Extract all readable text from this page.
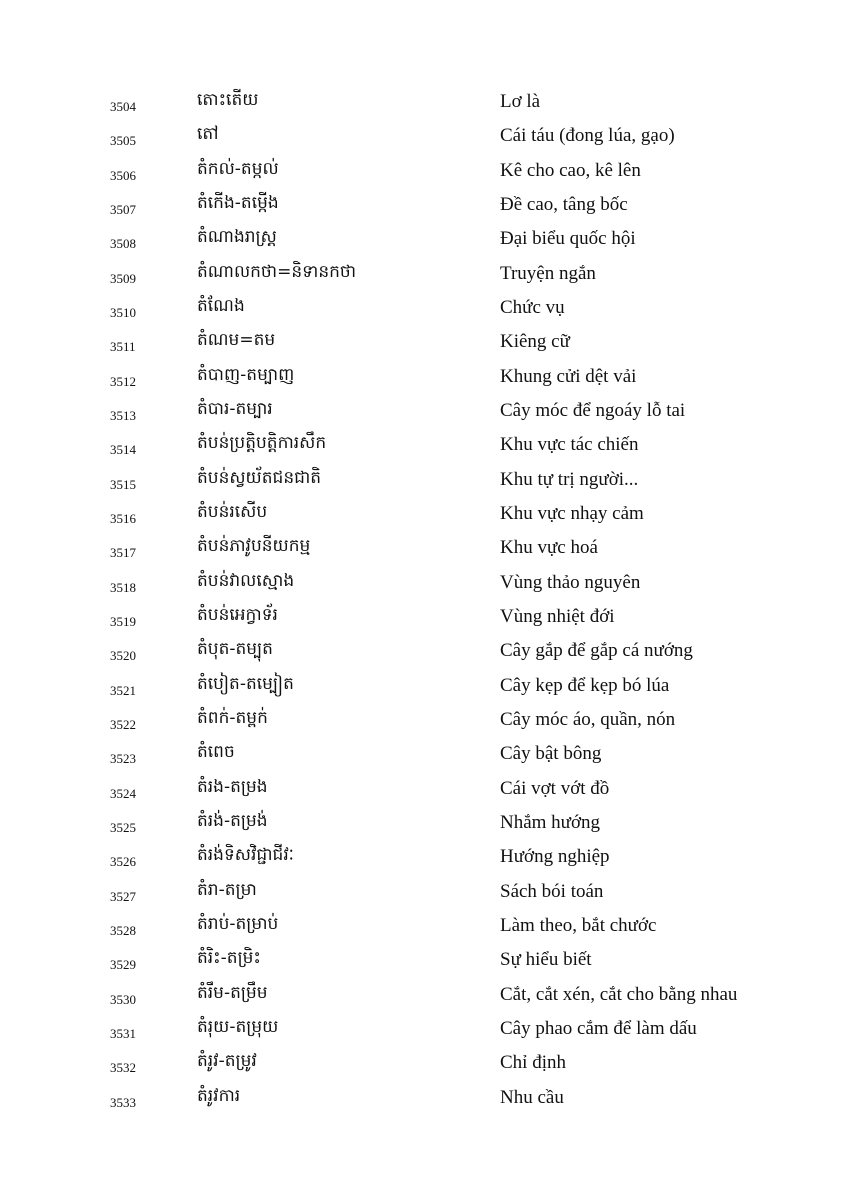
3504	តោះតើយ	Lơ là
3505	តៅ	Cái táu (đong lúa, gạo)
3506	តំកល់-តម្កល់	Kê cho cao, kê lên
3507	តំកើង-តម្កើង	Đề cao, tâng bốc
3508	តំណាងរាស្ត្រ	Đại biểu quốc hội
3509	តំណាលកថា=និទានកថា	Truyện ngắn
3510	តំណែង	Chức vụ
3511	តំណម=តម	Kiêng cữ
3512	តំបាញ-តម្បាញ	Khung cửi dệt vải
3513	តំបារ-តម្បារ	Cây móc để ngoáy lỗ tai
3514	តំបន់ប្រតិ្តបត្តិការសឹក	Khu vực tác chiến
3515	តំបន់ស្វយ័តជនជាតិ	Khu tự trị người...
3516	តំបន់រសើប	Khu vực nhạy cảm
3517	តំបន់ភាវូបនីយកម្ម	Khu vực hoá
3518	តំបន់វាលស្មោង	Vùng thảo nguyên
3519	តំបន់អេក្វាទ័រ	Vùng nhiệt đới
3520	តំបុត-តម្បុត	Cây gắp để gắp cá nướng
3521	តំបៀត-តម្បៀត	Cây kẹp để kẹp bó lúa
3522	តំពក់-តម្ពក់	Cây móc áo, quần, nón
3523	តំពេច	Cây bật bông
3524	តំរង-តម្រង	Cái vợt vớt đồ
3525	តំរង់-តម្រង់	Nhắm hướng
3526	តំរង់ទិសវិជ្ជាជីវៈ	Hướng nghiệp
3527	តំរា-តម្រា	Sách bói toán
3528	តំរាប់-តម្រាប់	Làm theo, bắt chước
3529	តំរិះ-តម្រិះ	Sự hiểu biết
3530	តំរឹម-តម្រឹម	Cắt, cắt xén, cắt cho bằng nhau
3531	តំរុយ-តម្រុយ	Cây phao cắm để làm dấu
3532	តំរូវ-តម្រូវ	Chỉ định
3533	តំរូវការ	Nhu cầu
